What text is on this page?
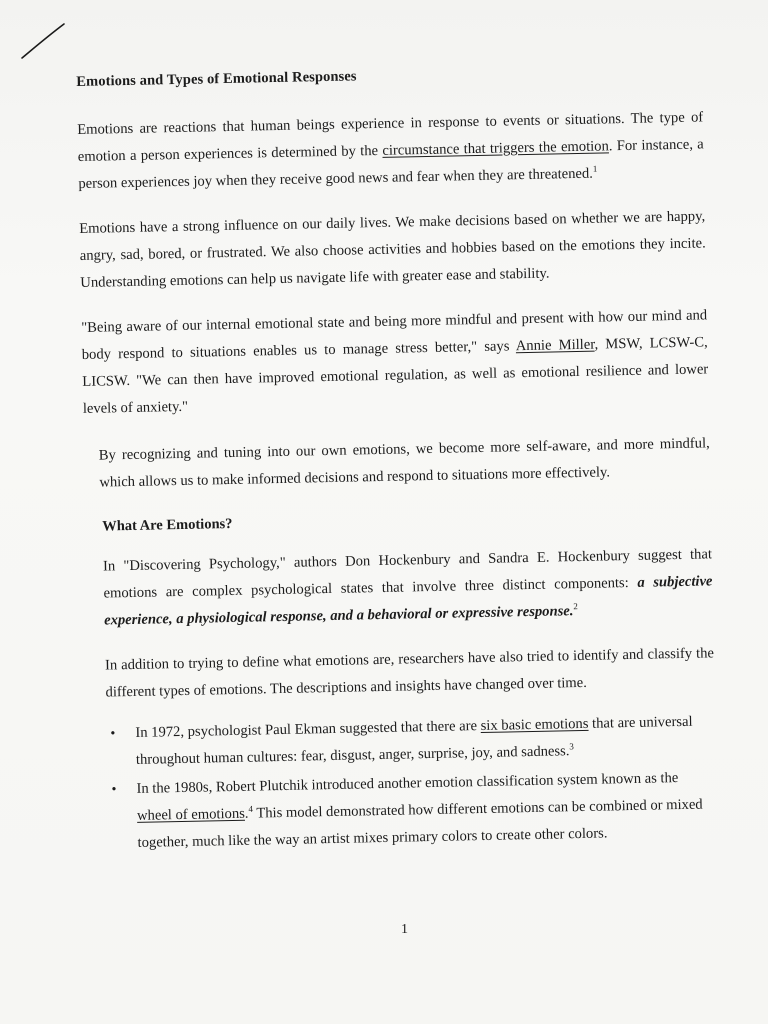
Emotions and Types of Emotional Responses

Emotions are reactions that human beings experience in response to events or situations. The type of emotion a person experiences is determined by the circumstance that triggers the emotion. For instance, a person experiences joy when they receive good news and fear when they are threatened.$^1$

Emotions have a strong influence on our daily lives. We make decisions based on whether we are happy, angry, sad, bored, or frustrated. We also choose activities and hobbies based on the emotions they incite. Understanding emotions can help us navigate life with greater ease and stability.

"Being aware of our internal emotional state and being more mindful and present with how our mind and body respond to situations enables us to manage stress better," says Annie Miller, MSW, LCSW-C, LICSW. "We can then have improved emotional regulation, as well as emotional resilience and lower levels of anxiety."

By recognizing and tuning into our own emotions, we become more self-aware, and more mindful, which allows us to make informed decisions and respond to situations more effectively.

What Are Emotions?

In "Discovering Psychology," authors Don Hockenbury and Sandra E. Hockenbury suggest that emotions are complex psychological states that involve three distinct components: a subjective experience, a physiological response, and a behavioral or expressive response.$^2$

In addition to trying to define what emotions are, researchers have also tried to identify and classify the different types of emotions. The descriptions and insights have changed over time.

• In 1972, psychologist Paul Ekman suggested that there are six basic emotions that are universal throughout human cultures: fear, disgust, anger, surprise, joy, and sadness.$^3$
• In the 1980s, Robert Plutchik introduced another emotion classification system known as the wheel of emotions.$^4$ This model demonstrated how different emotions can be combined or mixed together, much like the way an artist mixes primary colors to create other colors.
1
